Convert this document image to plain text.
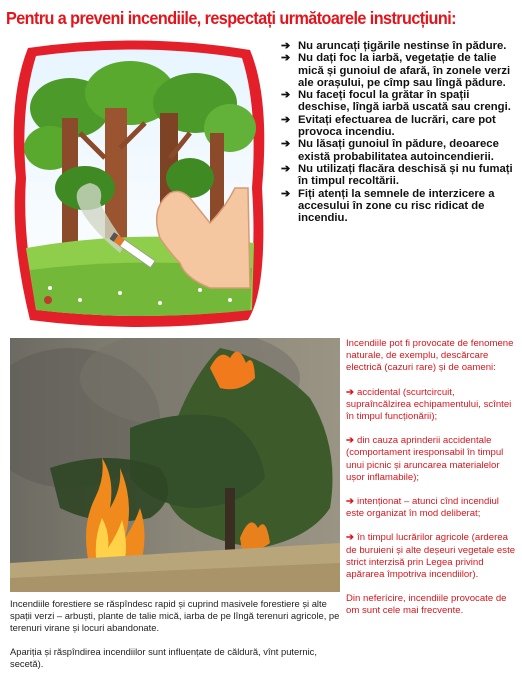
Pentru a preveni incendiile, respectați următoarele instrucțiuni:
➔ Nu aruncați țigările nestinse în pădure.
➔ Nu dați foc la iarbă, vegetație de talie mică și gunoiul de afară, în zonele verzi ale orașului, pe cîmp sau lîngă pădure.
➔ Nu faceți focul la grătar în spații deschise, lîngă iarbă uscată sau crengi.
➔ Evitați efectuarea de lucrări, care pot provoca incendiu.
➔ Nu lăsați gunoiul în pădure, deoarece există probabilitatea autoincendierii.
➔ Nu utilizați flacăra deschisă și nu fumați în timpul recoltării.
➔ Fiți atenți la semnele de interzicere a accesului în zone cu risc ridicat de incendiu.

Incendiile forestiere se răspîndesc rapid și cuprind masivele forestiere și alte spații verzi – arbuști, plante de talie mică, iarba de pe lîngă terenuri agricole, pe terenuri virane și locuri abandonate.

Apariția și răspîndirea incendiilor sunt influențate de căldură, vînt puternic, secetă).

Incendiile pot fi provocate de fenomene naturale, de exemplu, descărcare electrică (cazuri rare) și de oameni:

➔ accidental (scurtcircuit, supraîncălzirea echipamentului, scîntei în timpul funcționării);
➔ din cauza aprinderii accidentale (comportament iresponsabil în timpul unui picnic și aruncarea materialelor ușor inflamabile);
➔ intenționat – atunci cînd incendiul este organizat în mod deliberat;
➔ în timpul lucrărilor agricole (arderea de buruieni și alte deșeuri vegetale este strict interzisă prin Legea privind apărarea împotriva incendiilor).

Din neferícire, incendiile provocate de om sunt cele mai frecvente.
